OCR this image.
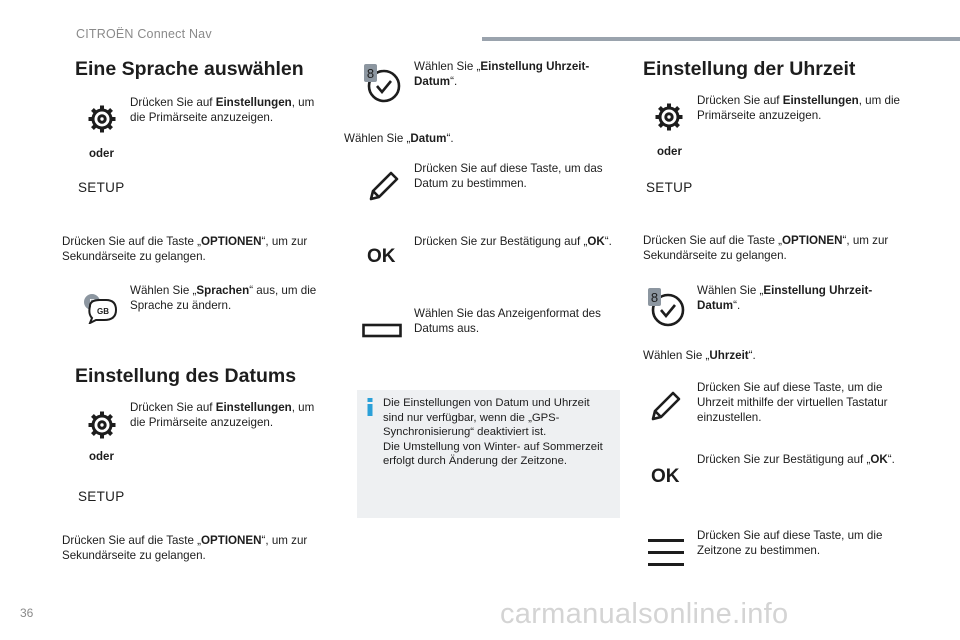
CITROËN Connect Nav
Eine Sprache auswählen
Drücken Sie auf Einstellungen, um die Primärseite anzuzeigen.
oder
SETUP
Drücken Sie auf die Taste „OPTIONEN“, um zur Sekundärseite zu gelangen.
GB
Wählen Sie „Sprachen“ aus, um die Sprache zu ändern.
Einstellung des Datums
Drücken Sie auf Einstellungen, um die Primärseite anzuzeigen.
oder
SETUP
Drücken Sie auf die Taste „OPTIONEN“, um zur Sekundärseite zu gelangen.
8	Wählen Sie „Einstellung Uhrzeit-Datum“.
Wählen Sie „Datum“.
Drücken Sie auf diese Taste, um das Datum zu bestimmen.
OK
Drücken Sie zur Bestätigung auf „OK“.
Wählen Sie das Anzeigenformat des Datums aus.
Die Einstellungen von Datum und Uhrzeit sind nur verfügbar, wenn die „GPS-Synchronisierung“ deaktiviert ist.
Die Umstellung von Winter- auf Sommerzeit erfolgt durch Änderung der Zeitzone.
Einstellung der Uhrzeit
Drücken Sie auf Einstellungen, um die Primärseite anzuzeigen.
oder
SETUP
Drücken Sie auf die Taste „OPTIONEN“, um zur Sekundärseite zu gelangen.
8	Wählen Sie „Einstellung Uhrzeit-Datum“.
Wählen Sie „Uhrzeit“.
Drücken Sie auf diese Taste, um die Uhrzeit mithilfe der virtuellen Tastatur einzustellen.
OK
Drücken Sie zur Bestätigung auf „OK“.
Drücken Sie auf diese Taste, um die Zeitzone zu bestimmen.
36	carmanualsonline.info
